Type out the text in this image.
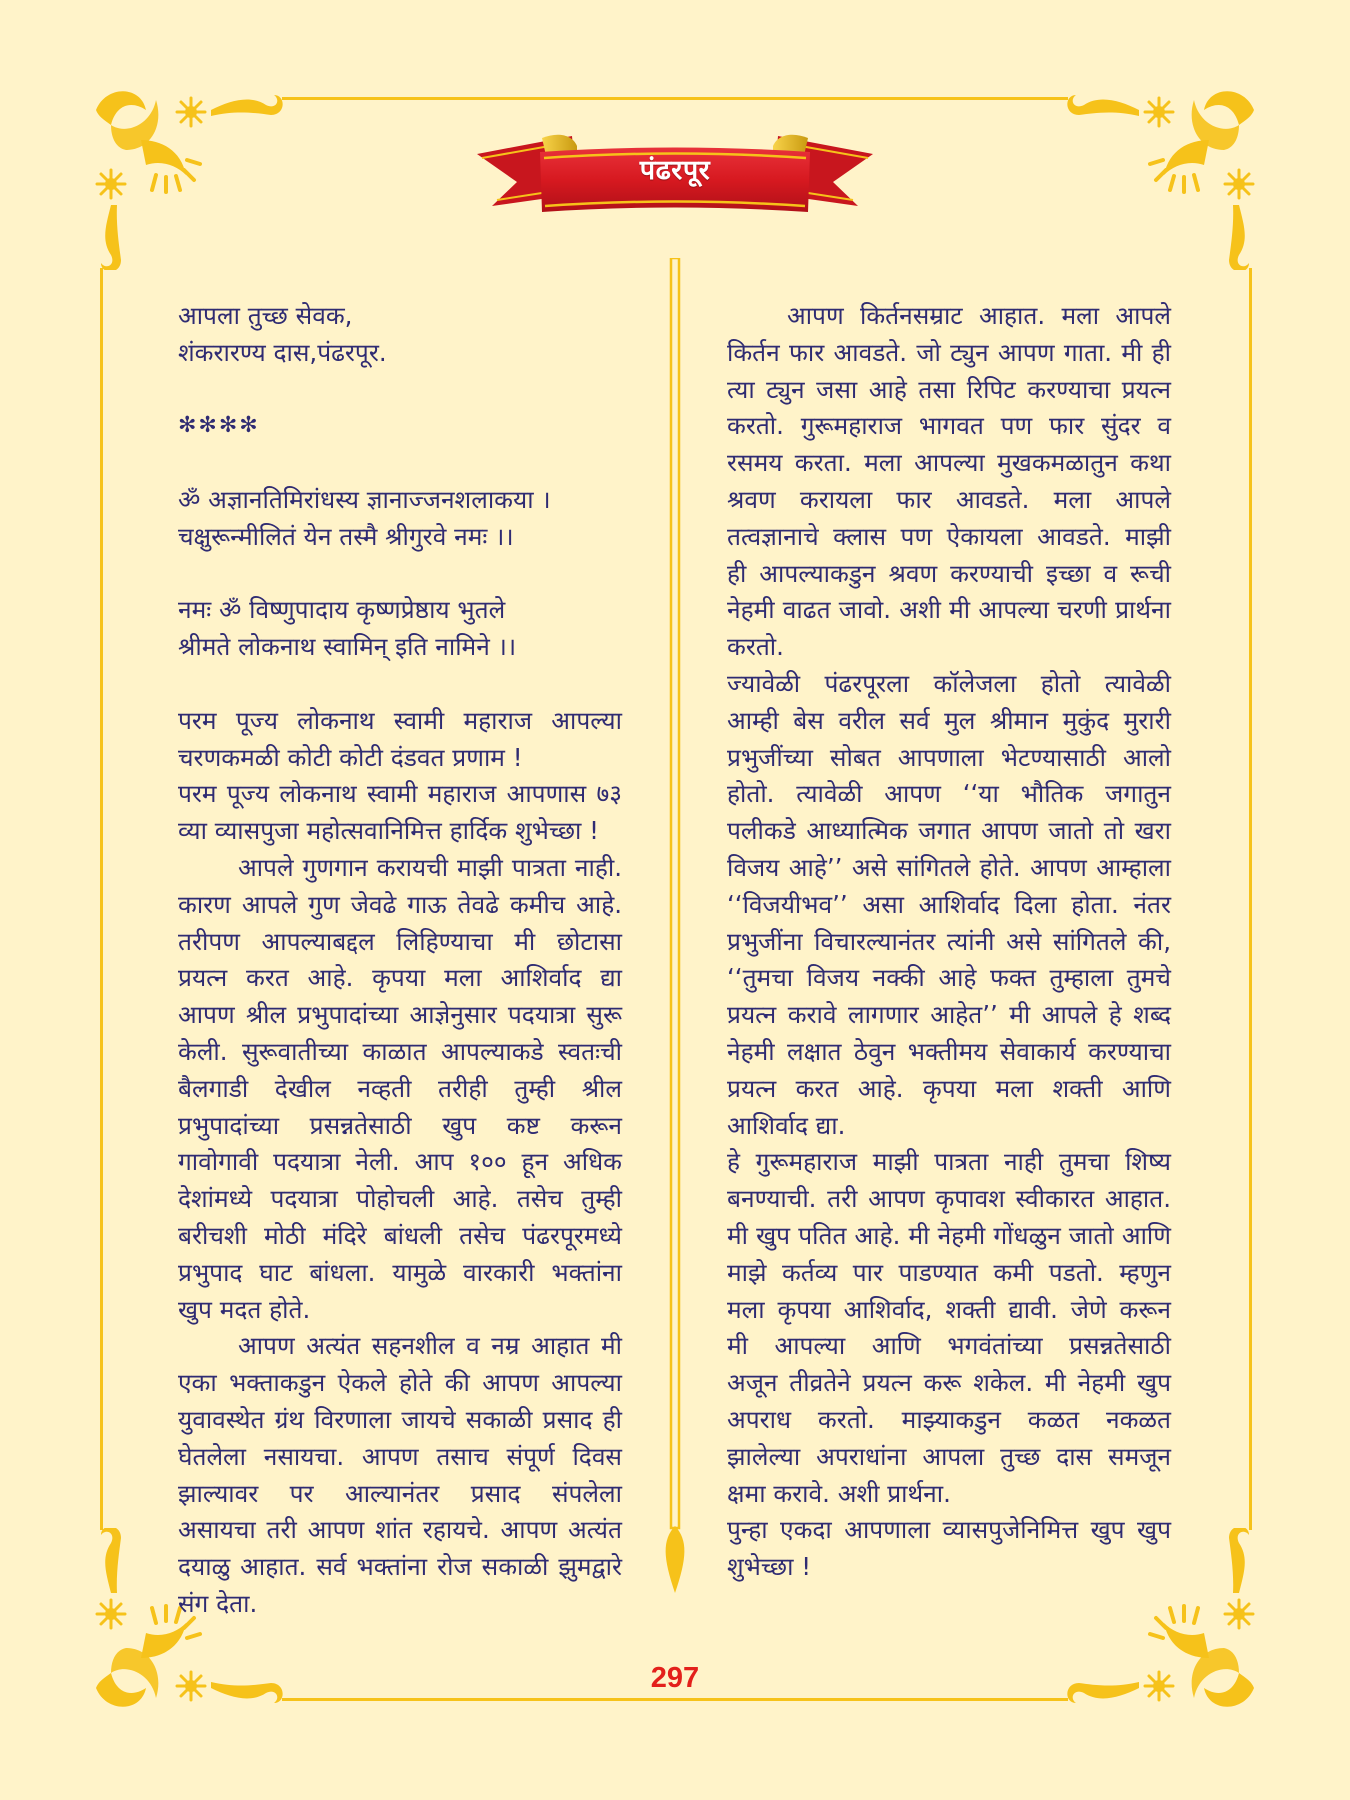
पंढरपूर
आपला तुच्छ सेवक,
शंकरारण्य दास,पंढरपूर.
✻✻✻✻
ॐ अज्ञानतिमिरांधस्य ज्ञानाज्जनशलाकया ।
चक्षुरून्मीलितं येन तस्मै श्रीगुरवे नमः ।।
नमः ॐ विष्णुपादाय कृष्णप्रेष्ठाय भुतले
श्रीमते लोकनाथ स्वामिन् इति नामिने ।।
परम पूज्य लोकनाथ स्वामी महाराज आपल्या
चरणकमळी कोटी कोटी दंडवत प्रणाम !
परम पूज्य लोकनाथ स्वामी महाराज आपणास ७३
व्या व्यासपुजा महोत्सवानिमित्त हार्दिक शुभेच्छा !
आपले गुणगान करायची माझी पात्रता नाही.
कारण आपले गुण जेवढे गाऊ तेवढे कमीच आहे.
तरीपण आपल्याबद्दल लिहिण्याचा मी छोटासा
प्रयत्न करत आहे. कृपया मला आशिर्वाद द्या
आपण श्रील प्रभुपादांच्या आज्ञेनुसार पदयात्रा सुरू
केली. सुरूवातीच्या काळात आपल्याकडे स्वतःची
बैलगाडी देखील नव्हती तरीही तुम्ही श्रील
प्रभुपादांच्या प्रसन्नतेसाठी खुप कष्ट करून
गावोगावी पदयात्रा नेली. आप १०० हून अधिक
देशांमध्ये पदयात्रा पोहोचली आहे. तसेच तुम्ही
बरीचशी मोठी मंदिरे बांधली तसेच पंढरपूरमध्ये
प्रभुपाद घाट बांधला. यामुळे वारकारी भक्तांना
खुप मदत होते.
आपण अत्यंत सहनशील व नम्र आहात मी
एका भक्ताकडुन ऐकले होते की आपण आपल्या
युवावस्थेत ग्रंथ विरणाला जायचे सकाळी प्रसाद ही
घेतलेला नसायचा. आपण तसाच संपूर्ण दिवस
झाल्यावर पर आल्यानंतर प्रसाद संपलेला
असायचा तरी आपण शांत रहायचे. आपण अत्यंत
दयाळु आहात. सर्व भक्तांना रोज सकाळी झुमद्वारे
संग देता.
आपण किर्तनसम्राट आहात. मला आपले
किर्तन फार आवडते. जो ट्युन आपण गाता. मी ही
त्या ट्युन जसा आहे तसा रिपिट करण्याचा प्रयत्न
करतो. गुरूमहाराज भागवत पण फार सुंदर व
रसमय करता. मला आपल्या मुखकमळातुन कथा
श्रवण करायला फार आवडते. मला आपले
तत्वज्ञानाचे क्लास पण ऐकायला आवडते. माझी
ही आपल्याकडुन श्रवण करण्याची इच्छा व रूची
नेहमी वाढत जावो. अशी मी आपल्या चरणी प्रार्थना
करतो.
ज्यावेळी पंढरपूरला कॉलेजला होतो त्यावेळी
आम्ही बेस वरील सर्व मुल श्रीमान मुकुंद मुरारी
प्रभुजींच्या सोबत आपणाला भेटण्यासाठी आलो
होतो. त्यावेळी आपण ‘‘या भौतिक जगातुन
पलीकडे आध्यात्मिक जगात आपण जातो तो खरा
विजय आहे’’ असे सांगितले होते. आपण आम्हाला
‘‘विजयीभव’’ असा आशिर्वाद दिला होता. नंतर
प्रभुजींना विचारल्यानंतर त्यांनी असे सांगितले की,
‘‘तुमचा विजय नक्की आहे फक्त तुम्हाला तुमचे
प्रयत्न करावे लागणार आहेत’’ मी आपले हे शब्द
नेहमी लक्षात ठेवुन भक्तीमय सेवाकार्य करण्याचा
प्रयत्न करत आहे. कृपया मला शक्ती आणि
आशिर्वाद द्या.
हे गुरूमहाराज माझी पात्रता नाही तुमचा शिष्य
बनण्याची. तरी आपण कृपावश स्वीकारत आहात.
मी खुप पतित आहे. मी नेहमी गोंधळुन जातो आणि
माझे कर्तव्य पार पाडण्यात कमी पडतो. म्हणुन
मला कृपया आशिर्वाद, शक्ती द्यावी. जेणे करून
मी आपल्या आणि भगवंतांच्या प्रसन्नतेसाठी
अजून तीव्रतेने प्रयत्न करू शकेल. मी नेहमी खुप
अपराध करतो. माझ्याकडुन कळत नकळत
झालेल्या अपराधांना आपला तुच्छ दास समजून
क्षमा करावे. अशी प्रार्थना.
पुन्हा एकदा आपणाला व्यासपुजेनिमित्त खुप खुप
शुभेच्छा !
297
